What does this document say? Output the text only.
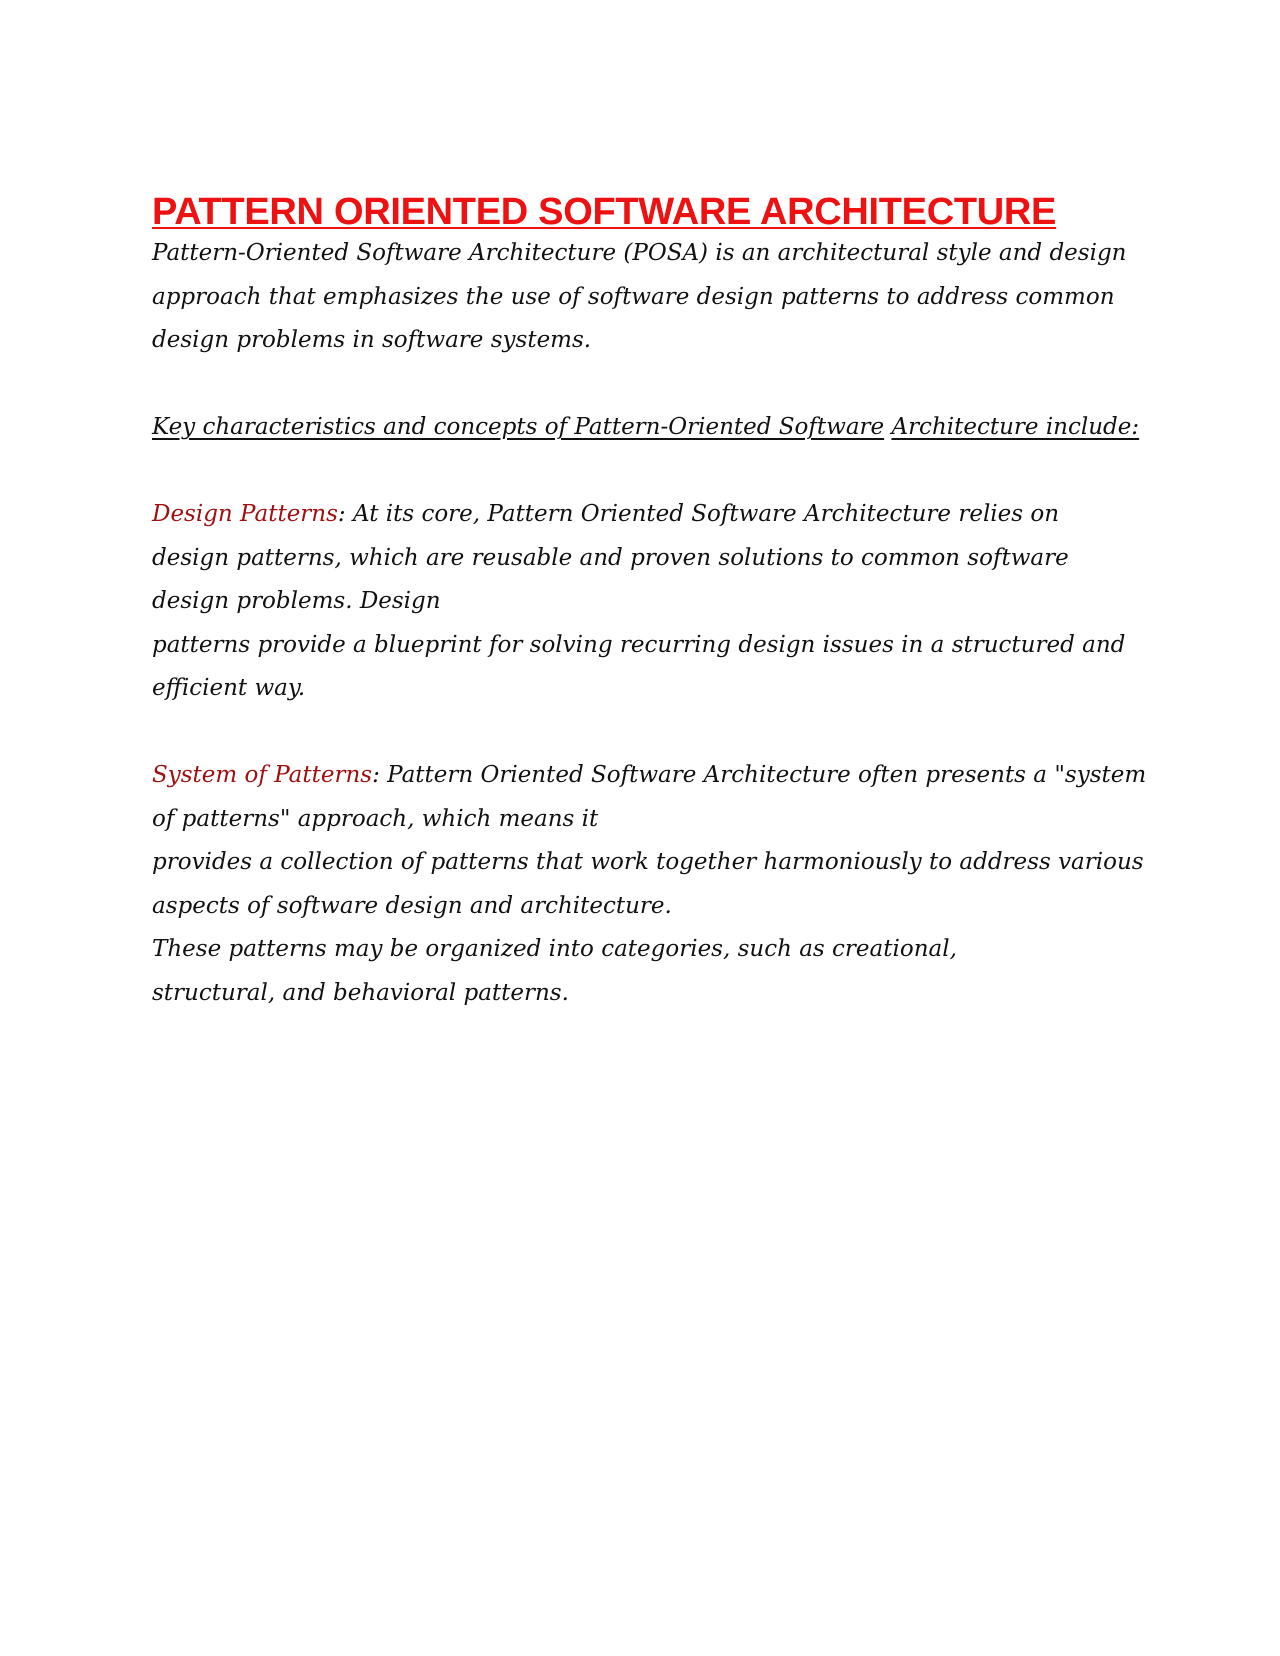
PATTERN ORIENTED SOFTWARE ARCHITECTURE
Pattern-Oriented Software Architecture (POSA) is an architectural style and design
approach that emphasizes the use of software design patterns to address common
design problems in software systems.
Key characteristics and concepts of Pattern-Oriented Software Architecture include:
Design Patterns: At its core, Pattern Oriented Software Architecture relies on
design patterns, which are reusable and proven solutions to common software
design problems. Design
patterns provide a blueprint for solving recurring design issues in a structured and
efficient way.
System of Patterns: Pattern Oriented Software Architecture often presents a "system
of patterns" approach, which means it
provides a collection of patterns that work together harmoniously to address various
aspects of software design and architecture.
These patterns may be organized into categories, such as creational,
structural, and behavioral patterns.
